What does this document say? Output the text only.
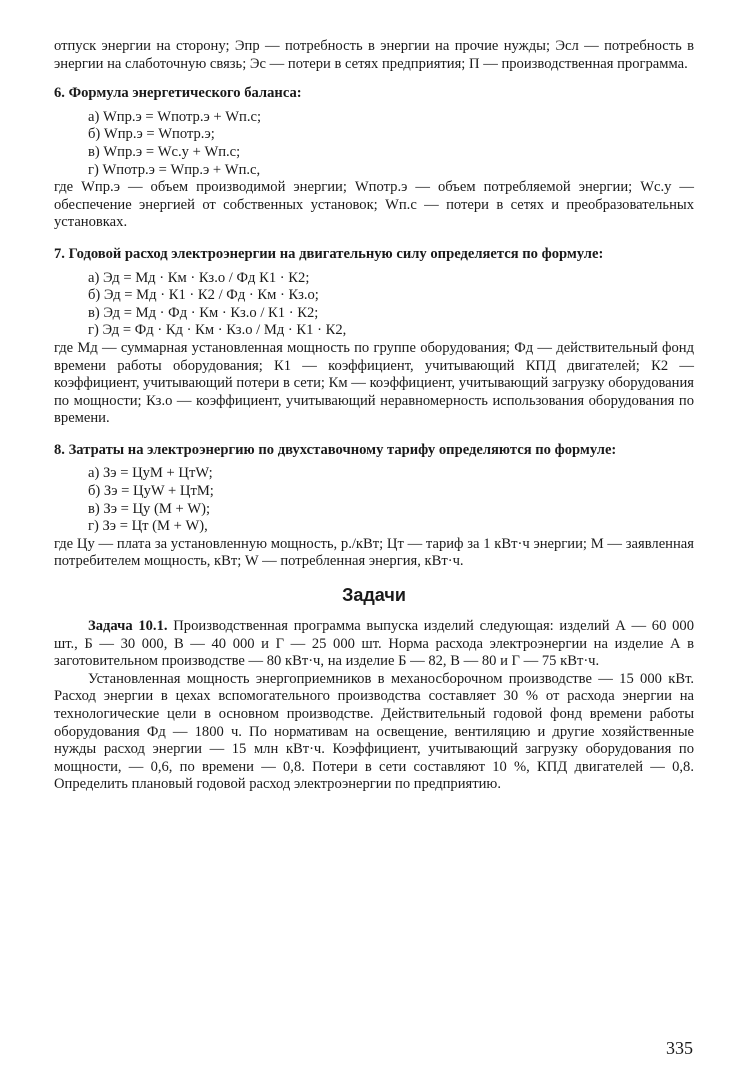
отпуск энергии на сторону; Эпр — потребность в энергии на прочие нужды; Эсл — потребность в энергии на слаботочную связь; Эс — потери в сетях предприятия; П — производственная программа.

6. Формула энергетического баланса:

а) Wпр.э = Wпотр.э + Wп.с;
б) Wпр.э = Wпотр.э;
в) Wпр.э = Wс.у + Wп.с;
г) Wпотр.э = Wпр.э + Wп.с,

где Wпр.э — объем производимой энергии; Wпотр.э — объем потребляемой энергии; Wс.у — обеспечение энергией от собственных установок; Wп.с — потери в сетях и преобразовательных установках.

7. Годовой расход электроэнергии на двигательную силу определяется по формуле:

а) Эд = Мд · Км · Кз.о / Фд К1 · К2;
б) Эд = Мд · К1 · К2 / Фд · Км · Кз.о;
в) Эд = Мд · Фд · Км · Кз.о / К1 · К2;
г) Эд = Фд · Кд · Км · Кз.о / Мд · К1 · К2,

где Мд — суммарная установленная мощность по группе оборудования; Фд — действительный фонд времени работы оборудования; К1 — коэффициент, учитывающий КПД двигателей; К2 — коэффициент, учитывающий потери в сети; Км — коэффициент, учитывающий загрузку оборудования по мощности; Кз.о — коэффициент, учитывающий неравномерность использования оборудования по времени.

8. Затраты на электроэнергию по двухставочному тарифу определяются по формуле:

а) Зэ = ЦуМ + ЦтW;
б) Зэ = ЦуW + ЦтМ;
в) Зэ = Цу (М + W);
г) Зэ = Цт (М + W),

где Цу — плата за установленную мощность, р./кВт; Цт — тариф за 1 кВт·ч энергии; М — заявленная потребителем мощность, кВт; W — потребленная энергия, кВт·ч.

Задачи

Задача 10.1. Производственная программа выпуска изделий следующая: изделий А — 60 000 шт., Б — 30 000, В — 40 000 и Г — 25 000 шт. Норма расхода электроэнергии на изделие А в заготовительном производстве — 80 кВт·ч, на изделие Б — 82, В — 80 и Г — 75 кВт·ч.

Установленная мощность энергоприемников в механосборочном производстве — 15 000 кВт. Расход энергии в цехах вспомогательного производства составляет 30 % от расхода энергии на технологические цели в основном производстве. Действительный годовой фонд времени работы оборудования Фд — 1800 ч. По нормативам на освещение, вентиляцию и другие хозяйственные нужды расход энергии — 15 млн кВт·ч. Коэффициент, учитывающий загрузку оборудования по мощности, — 0,6, по времени — 0,8. Потери в сети составляют 10 %, КПД двигателей — 0,8. Определить плановый годовой расход электроэнергии по предприятию.

335
